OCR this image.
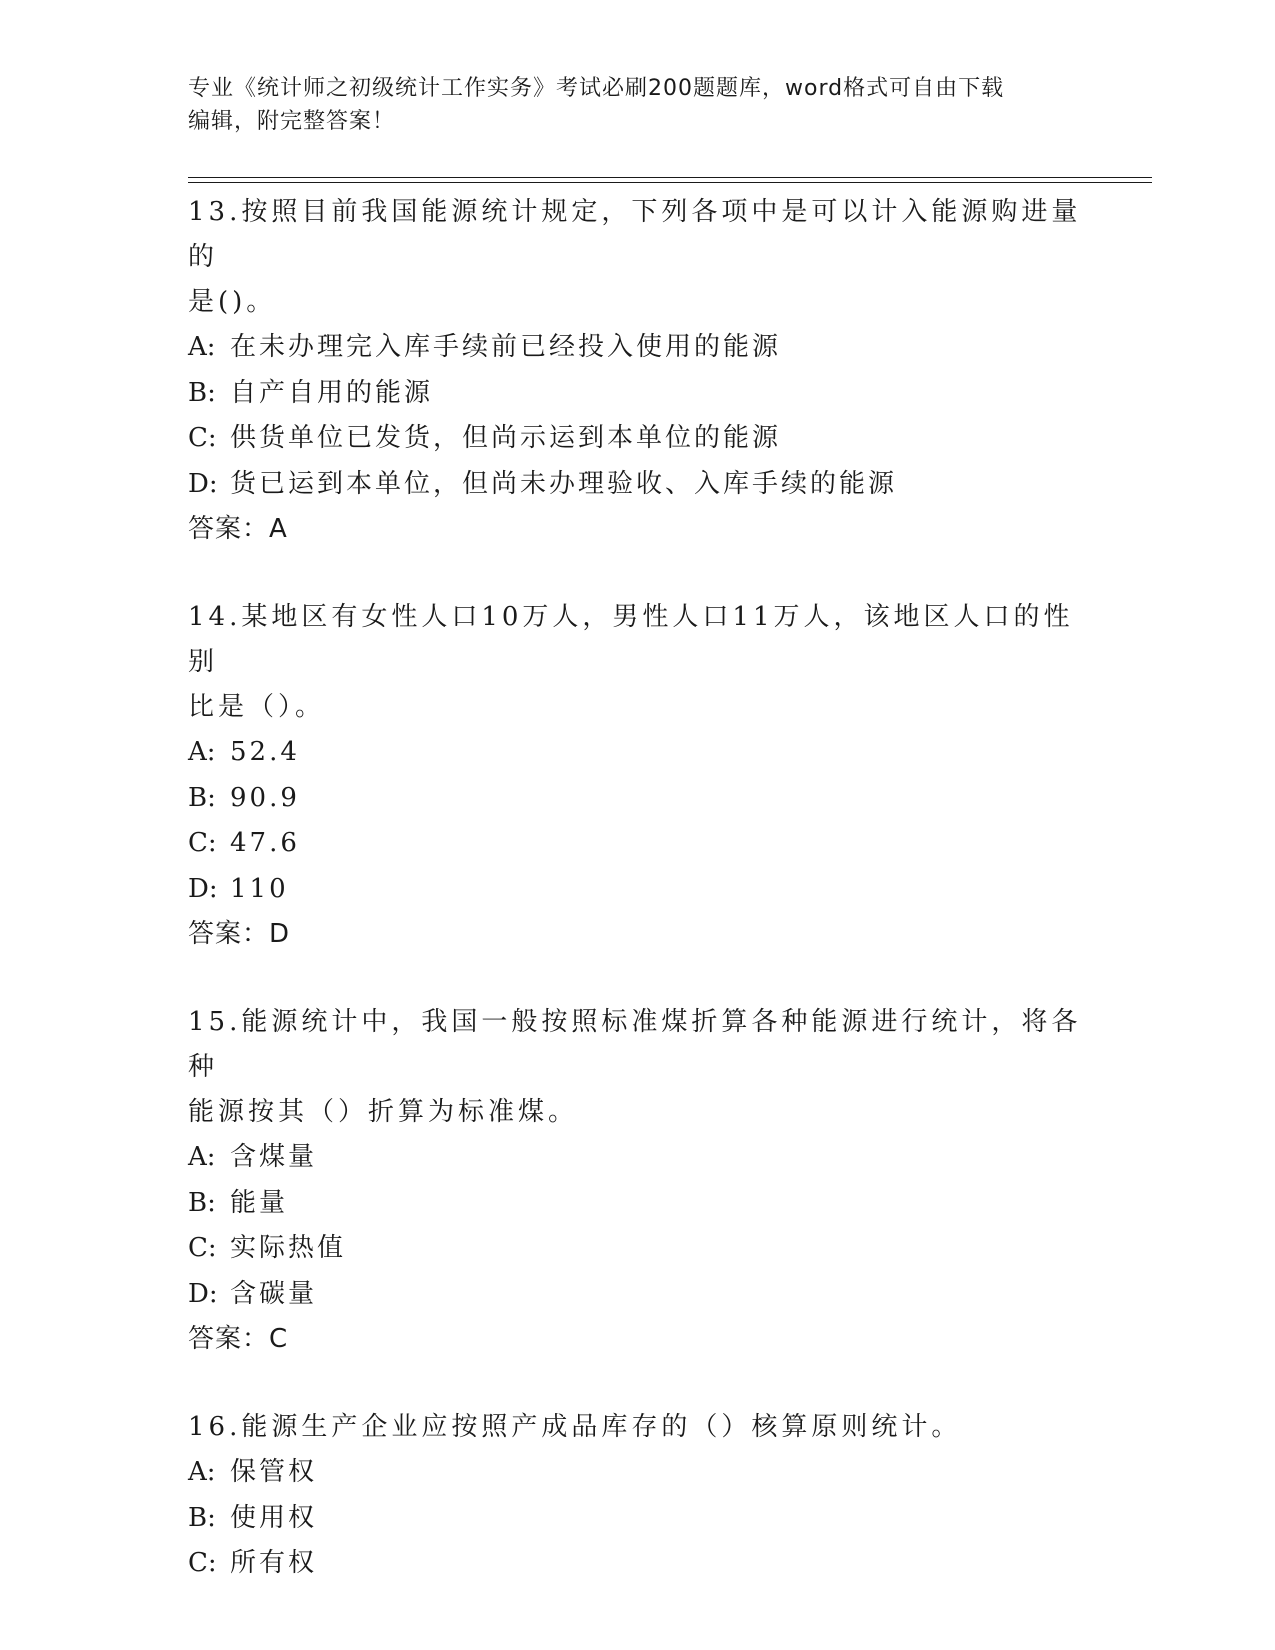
专业《统计师之初级统计工作实务》考试必刷200题题库，word格式可自由下载
编辑，附完整答案！

13.按照目前我国能源统计规定，下列各项中是可以计入能源购进量的

是()。

A: 在未办理完入库手续前已经投入使用的能源

B: 自产自用的能源

C: 供货单位已发货，但尚示运到本单位的能源

D: 货已运到本单位，但尚未办理验收、入库手续的能源

答案：A

14.某地区有女性人口10万人，男性人口11万人，该地区人口的性别

比是（）。

A: 52.4

B: 90.9

C: 47.6

D: 110

答案：D

15.能源统计中，我国一般按照标准煤折算各种能源进行统计，将各种

能源按其（）折算为标准煤。

A: 含煤量

B: 能量

C: 实际热值

D: 含碳量

答案：C

16.能源生产企业应按照产成品库存的（）核算原则统计。

A: 保管权

B: 使用权

C: 所有权
